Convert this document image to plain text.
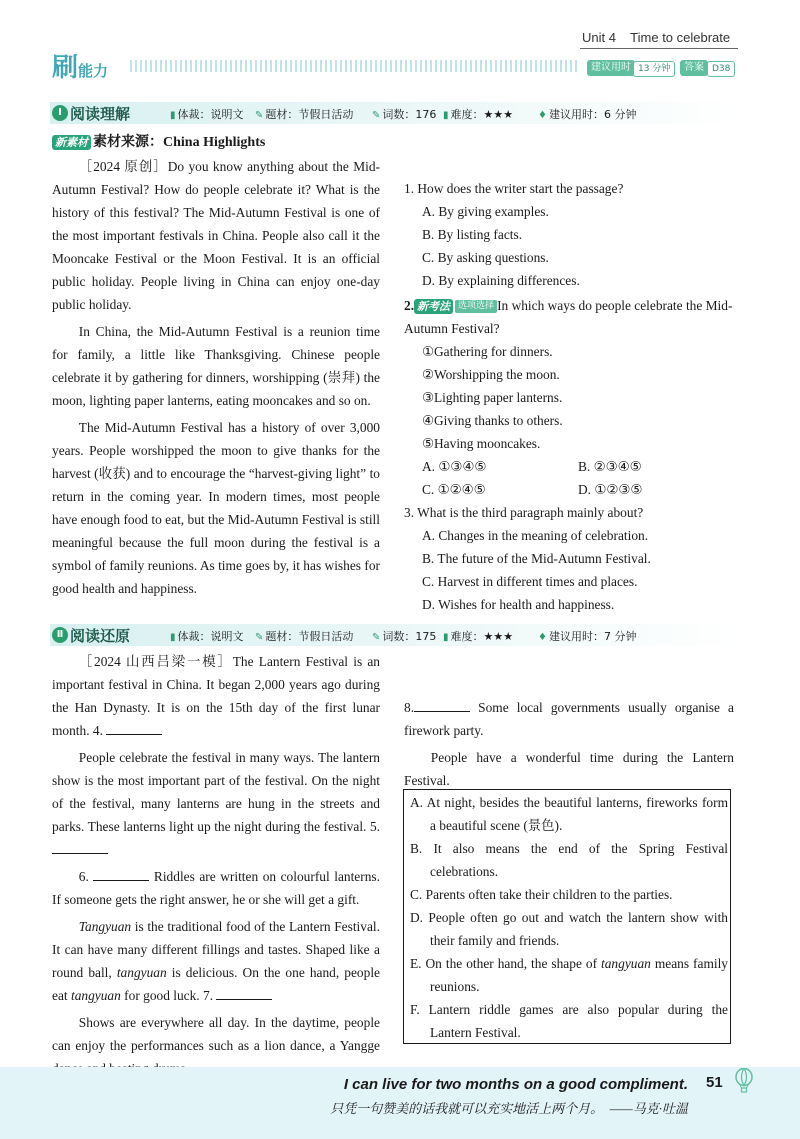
Unit 4    Time to celebrate
刷能力	建议用时 13 分钟	答案 D38
Ⅰ 阅读理解	▮ 体裁：说明文 ✎ 题材：节假日活动 ✎ 词数：176 ▮ 难度：★★★ ♦ 建议用时：6 分钟

新素材 素材来源：China Highlights

［2024 原创］Do you know anything about the Mid-Autumn Festival? How do people celebrate it? What is the history of this festival? The Mid-Autumn Festival is one of the most important festivals in China. People also call it the Mooncake Festival or the Moon Festival. It is an official public holiday. People living in China can enjoy one-day public holiday.

In China, the Mid-Autumn Festival is a reunion time for family, a little like Thanksgiving. Chinese people celebrate it by gathering for dinners, worshipping (崇拜) the moon, lighting paper lanterns, eating mooncakes and so on.

The Mid-Autumn Festival has a history of over 3,000 years. People worshipped the moon to give thanks for the harvest (收获) and to encourage the “harvest-giving light” to return in the coming year. In modern times, most people have enough food to eat, but the Mid-Autumn Festival is still meaningful because the full moon during the festival is a symbol of family reunions. As time goes by, it has wishes for good health and happiness.

1. How does the writer start the passage?

A. By giving examples.

B. By listing facts.

C. By asking questions.

D. By explaining differences.

2. 新考法 选项选择 In which ways do people celebrate the Mid-Autumn Festival?

①Gathering for dinners.

②Worshipping the moon.

③Lighting paper lanterns.

④Giving thanks to others.

⑤Having mooncakes.

A. ①③④⑤	B. ②③④⑤
C. ①②④⑤	D. ①②③⑤

3. What is the third paragraph mainly about?

A. Changes in the meaning of celebration.

B. The future of the Mid-Autumn Festival.

C. Harvest in different times and places.

D. Wishes for health and happiness.

Ⅱ 阅读还原	▮ 体裁：说明文 ✎ 题材：节假日活动 ✎ 词数：175 ▮ 难度：★★★ ♦ 建议用时：7 分钟

［2024 山西吕梁一模］The Lantern Festival is an important festival in China. It began 2,000 years ago during the Han Dynasty. It is on the 15th day of the first lunar month. 4.

People celebrate the festival in many ways. The lantern show is the most important part of the festival. On the night of the festival, many lanterns are hung in the streets and parks. These lanterns light up the night during the festival. 5.

6.	Riddles are written on colourful lanterns. If someone gets the right answer, he or she will get a gift.

Tangyuan is the traditional food of the Lantern Festival. It can have many different fillings and tastes. Shaped like a round ball, tangyuan is delicious. On the one hand, people eat tangyuan for good luck. 7.

Shows are everywhere all day. In the daytime, people can enjoy the performances such as a lion dance, a Yangge

8.	Some local governments usually organise a firework party.

People have a wonderful time during the Lantern Festival.

A. At night, besides the beautiful lanterns, fireworks form a beautiful scene (景色).

B. It also means the end of the Spring Festival celebrations.

C. Parents often take their children to the parties.

D. People often go out and watch the lantern show with their family and friends.

E. On the other hand, the shape of tangyuan means family reunions.

F. Lantern riddle games are also popular during the Lantern Festival.

I can live for two months on a good compliment. 51
只凭一句赞美的话我就可以充实地活上两个月。  ——马克·吐温
